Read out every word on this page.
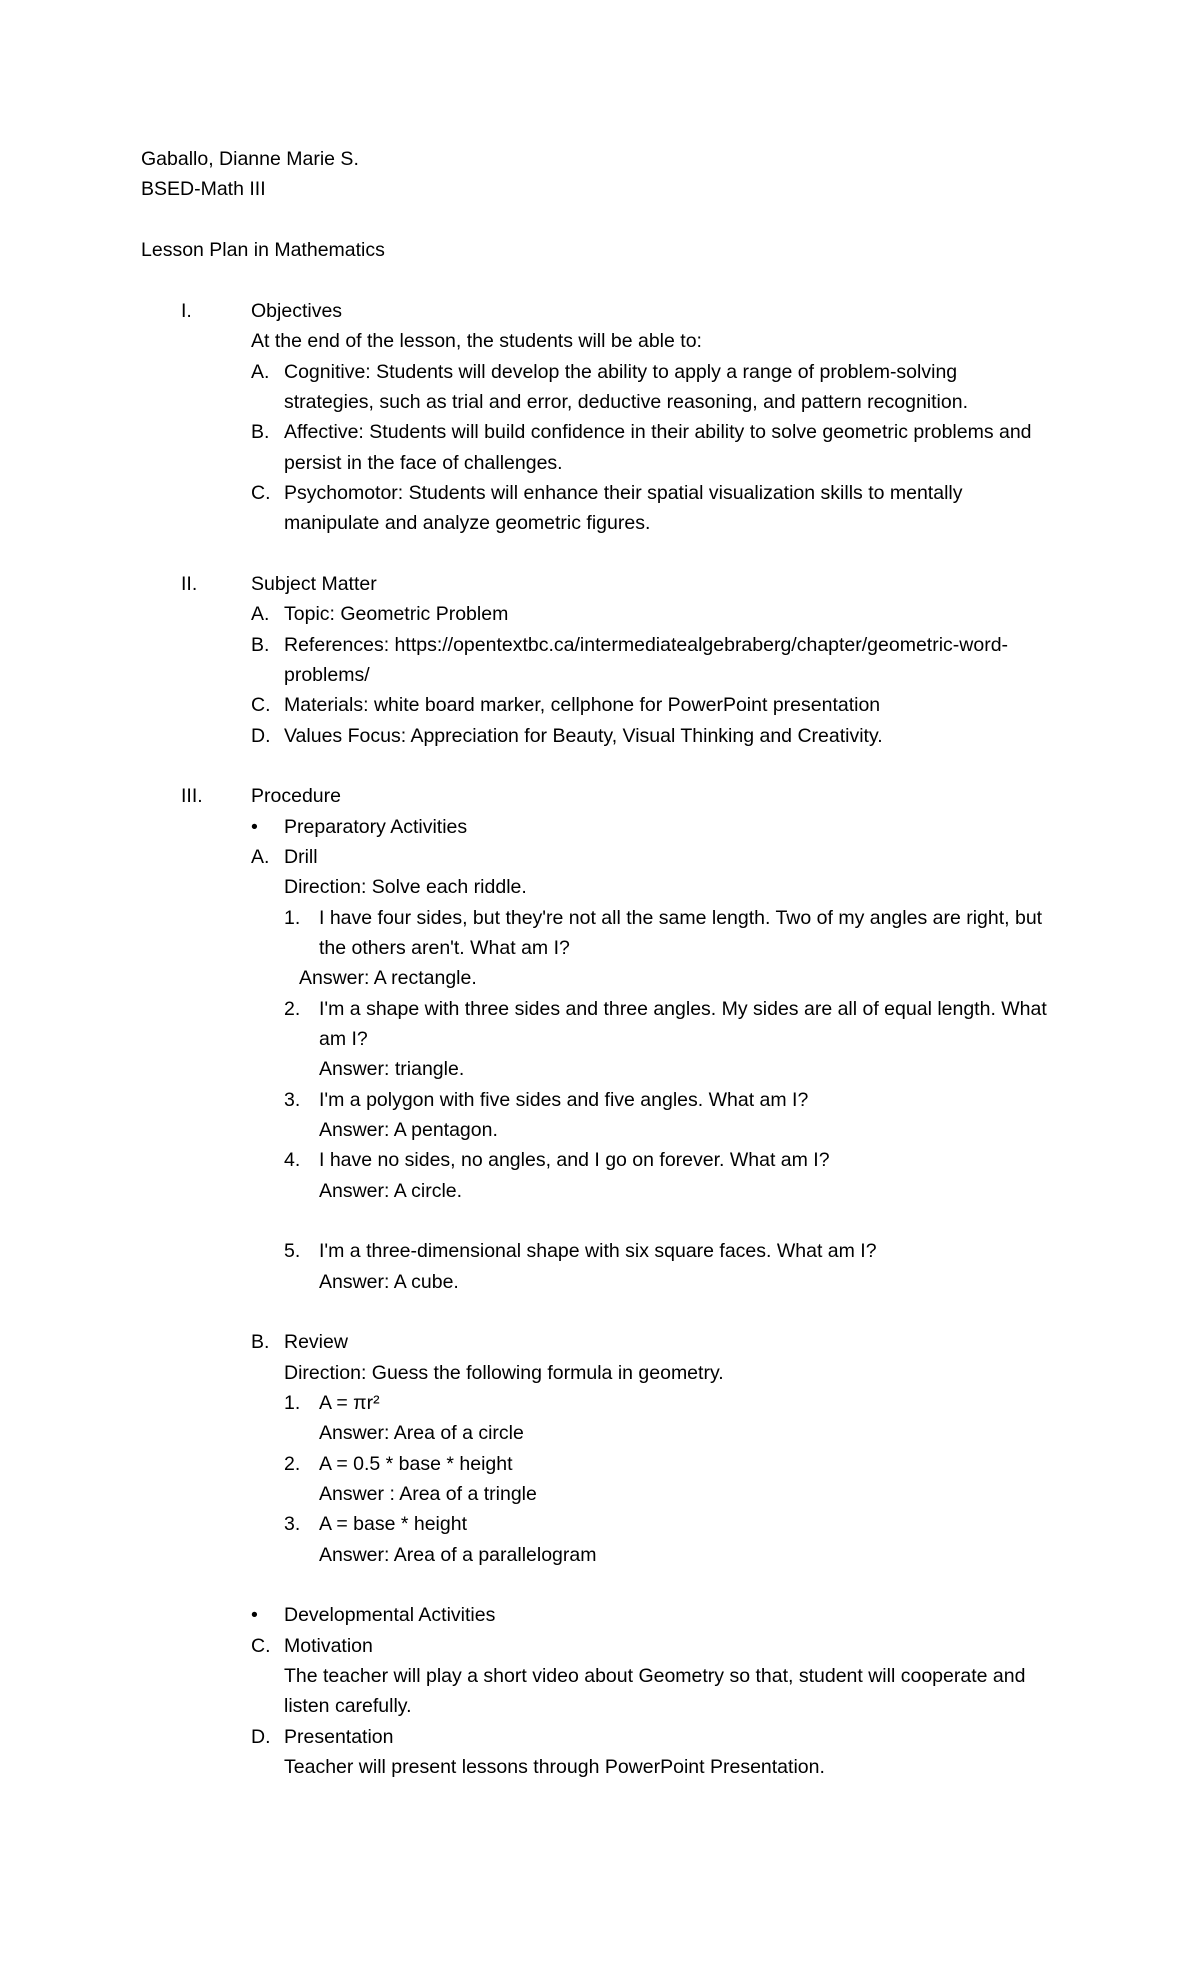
Gaballo, Dianne Marie S.
BSED-Math III
Lesson Plan in Mathematics
I.	Objectives
At the end of the lesson, the students will be able to:
A. Cognitive: Students will develop the ability to apply a range of problem-solving
strategies, such as trial and error, deductive reasoning, and pattern recognition.
B. Affective: Students will build confidence in their ability to solve geometric problems and
persist in the face of challenges.
C. Psychomotor: Students will enhance their spatial visualization skills to mentally
manipulate and analyze geometric figures.
II.	Subject Matter
A. Topic: Geometric Problem
B. References: https://opentextbc.ca/intermediatealgebraberg/chapter/geometric-word-
problems/
C. Materials: white board marker, cellphone for PowerPoint presentation
D. Values Focus: Appreciation for Beauty, Visual Thinking and Creativity.
III. Procedure
• Preparatory Activities
A. Drill
Direction: Solve each riddle.
1. I have four sides, but they're not all the same length. Two of my angles are right, but
the others aren't. What am I?
Answer: A rectangle.
2. I'm a shape with three sides and three angles. My sides are all of equal length. What
am I?
Answer: triangle.
3. I'm a polygon with five sides and five angles. What am I?
Answer: A pentagon.
4. I have no sides, no angles, and I go on forever. What am I?
Answer: A circle.
5. I'm a three-dimensional shape with six square faces. What am I?
Answer: A cube.
B. Review
Direction: Guess the following formula in geometry.
1. A = πr²
Answer: Area of a circle
2. A = 0.5 * base * height
Answer : Area of a tringle
3. A = base * height
Answer: Area of a parallelogram
• Developmental Activities
C. Motivation
The teacher will play a short video about Geometry so that, student will cooperate and
listen carefully.
D. Presentation
Teacher will present lessons through PowerPoint Presentation.
